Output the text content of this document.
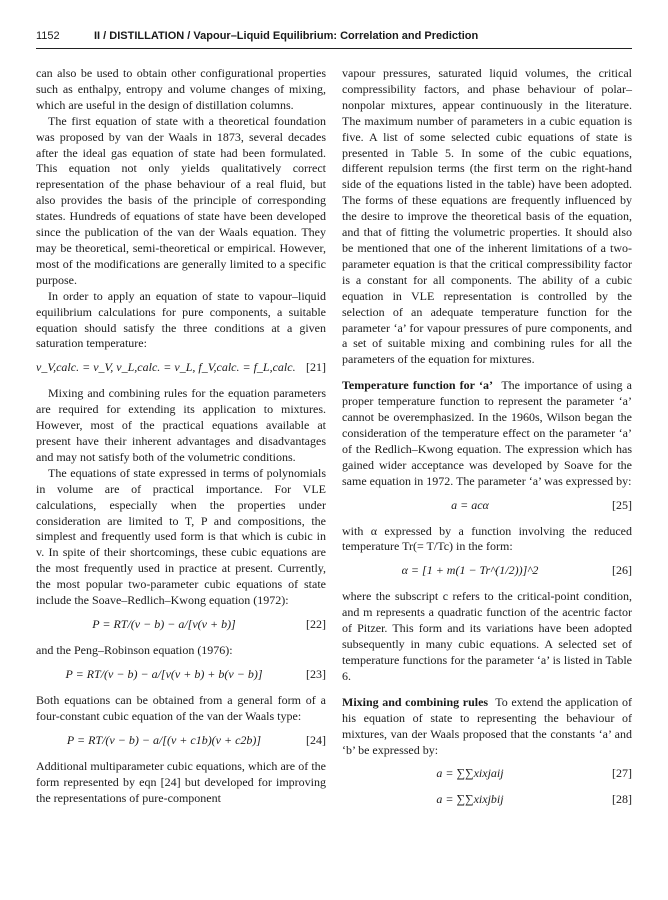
1152	II / DISTILLATION / Vapour–Liquid Equilibrium: Correlation and Prediction

can also be used to obtain other configurational properties such as enthalpy, entropy and volume changes of mixing, which are useful in the design of distillation columns.

The first equation of state with a theoretical foundation was proposed by van der Waals in 1873, several decades after the ideal gas equation of state had been formulated. This equation not only yields qualitatively correct representation of the phase behaviour of a real fluid, but also provides the basis of the principle of corresponding states. Hundreds of equations of state have been developed since the publication of the van der Waals equation. They may be theoretical, semi-theoretical or empirical. However, most of the modifications are generally limited to a specific purpose.

In order to apply an equation of state to vapour–liquid equilibrium calculations for pure components, a suitable equation should satisfy the three conditions at a given saturation temperature:

v_V,calc. = v_V, v_L,calc. = v_L, f_V,calc. = f_L,calc. [21]

Mixing and combining rules for the equation parameters are required for extending its application to mixtures. However, most of the practical equations available at present have their inherent advantages and disadvantages and may not satisfy both of the volumetric conditions.

The equations of state expressed in terms of polynomials in volume are of practical importance. For VLE calculations, especially when the properties under consideration are limited to T, P and compositions, the simplest and frequently used form is that which is cubic in v. In spite of their shortcomings, these cubic equations are the most frequently used in practice at present. Currently, the most popular two-parameter cubic equations of state include the Soave–Redlich–Kwong equation (1972):

P = RT/(v − b) − a/[v(v + b)]	[22]

and the Peng–Robinson equation (1976):

P = RT/(v − b) − a/[v(v + b) + b(v − b)]	[23]

Both equations can be obtained from a general form of a four-constant cubic equation of the van der Waals type:

P = RT/(v − b) − a/[(v + c1b)(v + c2b)]	[24]

Additional multiparameter cubic equations, which are of the form represented by eqn [24] but developed for improving the representations of pure-component

vapour pressures, saturated liquid volumes, the critical compressibility factors, and phase behaviour of polar–nonpolar mixtures, appear continuously in the literature. The maximum number of parameters in a cubic equation is five. A list of some selected cubic equations of state is presented in Table 5. In some of the cubic equations, different repulsion terms (the first term on the right-hand side of the equations listed in the table) have been adopted. The forms of these equations are frequently influenced by the desire to improve the theoretical basis of the equation, and that of fitting the volumetric properties. It should also be mentioned that one of the inherent limitations of a two-parameter equation is that the critical compressibility factor is a constant for all components. The ability of a cubic equation in VLE representation is controlled by the selection of an adequate temperature function for the parameter ‘a’ for vapour pressures of pure components, and a set of suitable mixing and combining rules for all the parameters of the equation for mixtures.

Temperature function for ‘a’ The importance of using a proper temperature function to represent the parameter ‘a’ cannot be overemphasized. In the 1960s, Wilson began the consideration of the temperature effect on the parameter ‘a’ of the Redlich–Kwong equation. The expression which has gained wider acceptance was developed by Soave for the same equation in 1972. The parameter ‘a’ was expressed by:

a = acα	[25]

with α expressed by a function involving the reduced temperature Tr(= T/Tc) in the form:

α = [1 + m(1 − Tr^(1/2))]^2	[26]

where the subscript c refers to the critical-point condition, and m represents a quadratic function of the acentric factor of Pitzer. This form and its variations have been adopted subsequently in many cubic equations. A selected set of temperature functions for the parameter ‘a’ is listed in Table 6.

Mixing and combining rules To extend the application of his equation of state to representing the behaviour of mixtures, van der Waals proposed that the constants ‘a’ and ‘b’ be expressed by:

a = ∑∑xixjaij	[27]
a = ∑∑xixjbij	[28]
